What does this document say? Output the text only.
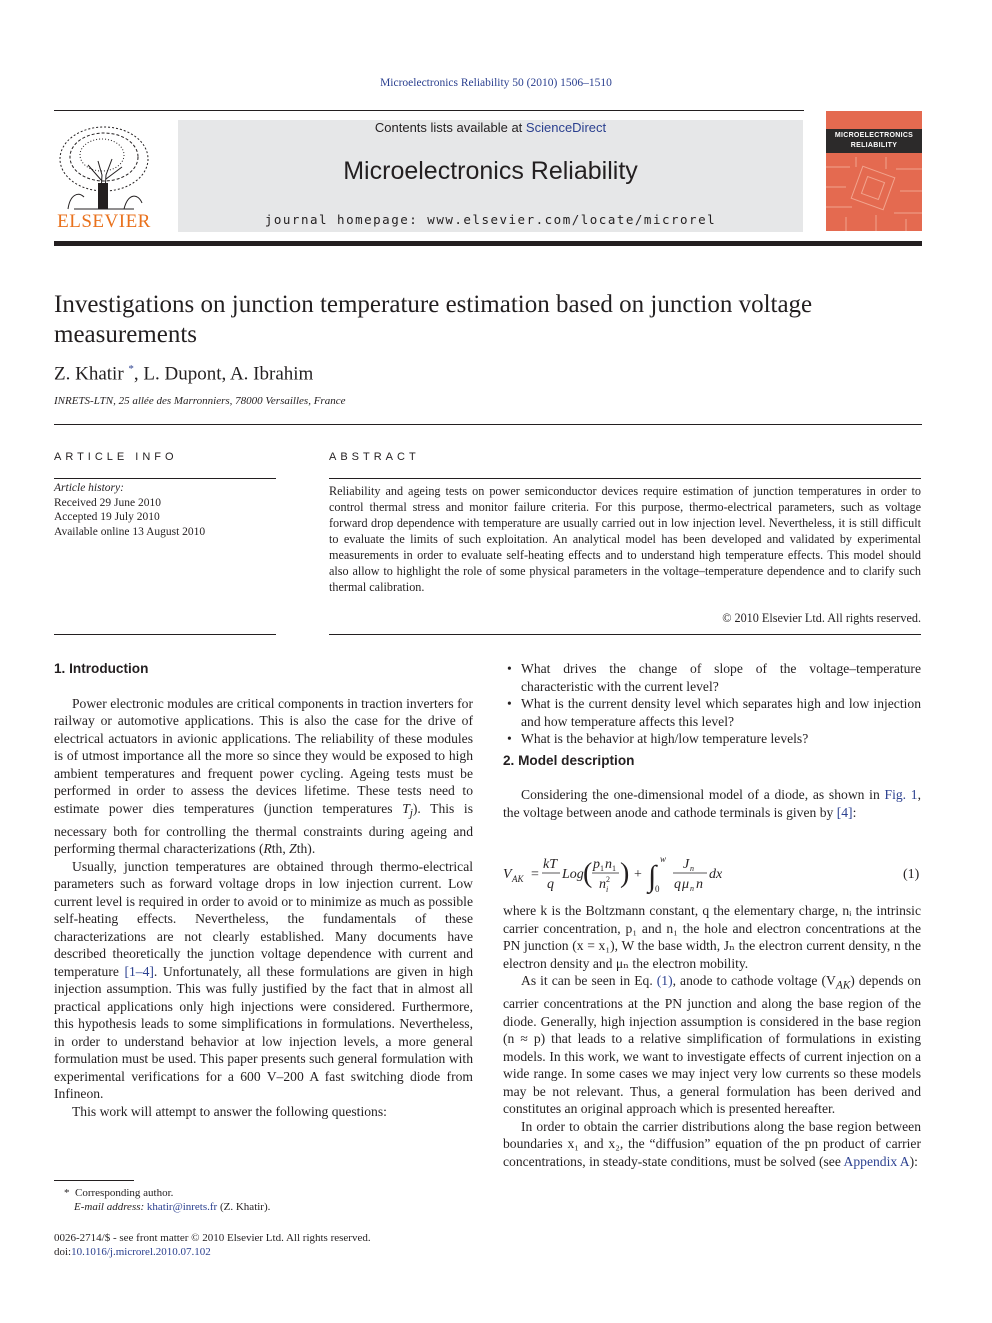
Microelectronics Reliability 50 (2010) 1506–1510
ELSEVIER
Contents lists available at ScienceDirect
Microelectronics Reliability
journal homepage: www.elsevier.com/locate/microrel
MICROELECTRONICS
RELIABILITY
Investigations on junction temperature estimation based on junction voltage measurements
Z. Khatir *, L. Dupont, A. Ibrahim
INRETS-LTN, 25 allée des Marronniers, 78000 Versailles, France
ARTICLE INFO
Article history:
Received 29 June 2010
Accepted 19 July 2010
Available online 13 August 2010
ABSTRACT
Reliability and ageing tests on power semiconductor devices require estimation of junction temperatures in order to control thermal stress and monitor failure criteria. For this purpose, thermo-electrical parameters, such as voltage forward drop dependence with temperature are usually carried out in low injection level. Nevertheless, it is still difficult to evaluate the limits of such exploitation. An analytical model has been developed and validated by experimental measurements in order to evaluate self-heating effects and to understand high temperature effects. This model should also allow to highlight the role of some physical parameters in the voltage–temperature dependence and to clarify such thermal calibration.
© 2010 Elsevier Ltd. All rights reserved.
1. Introduction

Power electronic modules are critical components in traction inverters for railway or automotive applications. This is also the case for the drive of electrical actuators in avionic applications. The reliability of these modules is of utmost importance all the more so since they would be exposed to high ambient temperatures and frequent power cycling. Ageing tests must be performed in order to assess the devices lifetime. These tests need to estimate power dies temperatures (junction temperatures $T_j$). This is necessary both for controlling the thermal constraints during ageing and performing thermal characterizations (Rth, Zth).

Usually, junction temperatures are obtained through thermo-electrical parameters such as forward voltage drops in low injection current. Low current level is required in order to avoid or to minimize as much as possible self-heating effects. Nevertheless, the fundamentals of these characterizations are not clearly established. Many documents have described theoretically the junction voltage dependence with current and temperature [1–4]. Unfortunately, all these formulations are given in high injection assumption. This was fully justified by the fact that in almost all practical applications only high injections were considered. Furthermore, this hypothesis leads to some simplifications in formulations. Nevertheless, in order to understand behavior at low injection levels, a more general formulation must be used. This paper presents such general formulation with experimental verifications for a 600 V–200 A fast switching diode from Infineon.

This work will attempt to answer the following questions:

• What drives the change of slope of the voltage–temperature characteristic with the current level?
• What is the current density level which separates high and low injection and how temperature affects this level?
• What is the behavior at high/low temperature levels?
2. Model description

Considering the one-dimensional model of a diode, as shown in Fig. 1, the voltage between anode and cathode terminals is given by [4]:

V AK =
kT
q
Log ( p 1 n 1
n 2
i
) + ∫
w
0
J n
q μ n n
dx	(1)

where k is the Boltzmann constant, q the elementary charge, nᵢ the intrinsic carrier concentration, p₁ and n₁ the hole and electron concentrations at the PN junction (x = x₁), W the base width, Jₙ the electron current density, n the electron density and μₙ the electron mobility.

As it can be seen in Eq. (1), anode to cathode voltage $(V_{AK})$ depends on carrier concentrations at the PN junction and along the base region of the diode. Generally, high injection assumption is considered in the base region (n ≈ p) that leads to a relative simplification of formulations in existing models. In this work, we want to investigate effects of current injection on a wide range. In some cases we may inject very low currents so these models may be not relevant. Thus, a general formulation has been derived and constitutes an original approach which is presented hereafter.

In order to obtain the carrier distributions along the base region between boundaries x₁ and x₂, the “diffusion” equation of the pn product of carrier concentrations, in steady-state conditions, must be solved (see Appendix A):

* Corresponding author.
E-mail address: khatir@inrets.fr (Z. Khatir).
0026-2714/$ - see front matter © 2010 Elsevier Ltd. All rights reserved.
doi:10.1016/j.microrel.2010.07.102
